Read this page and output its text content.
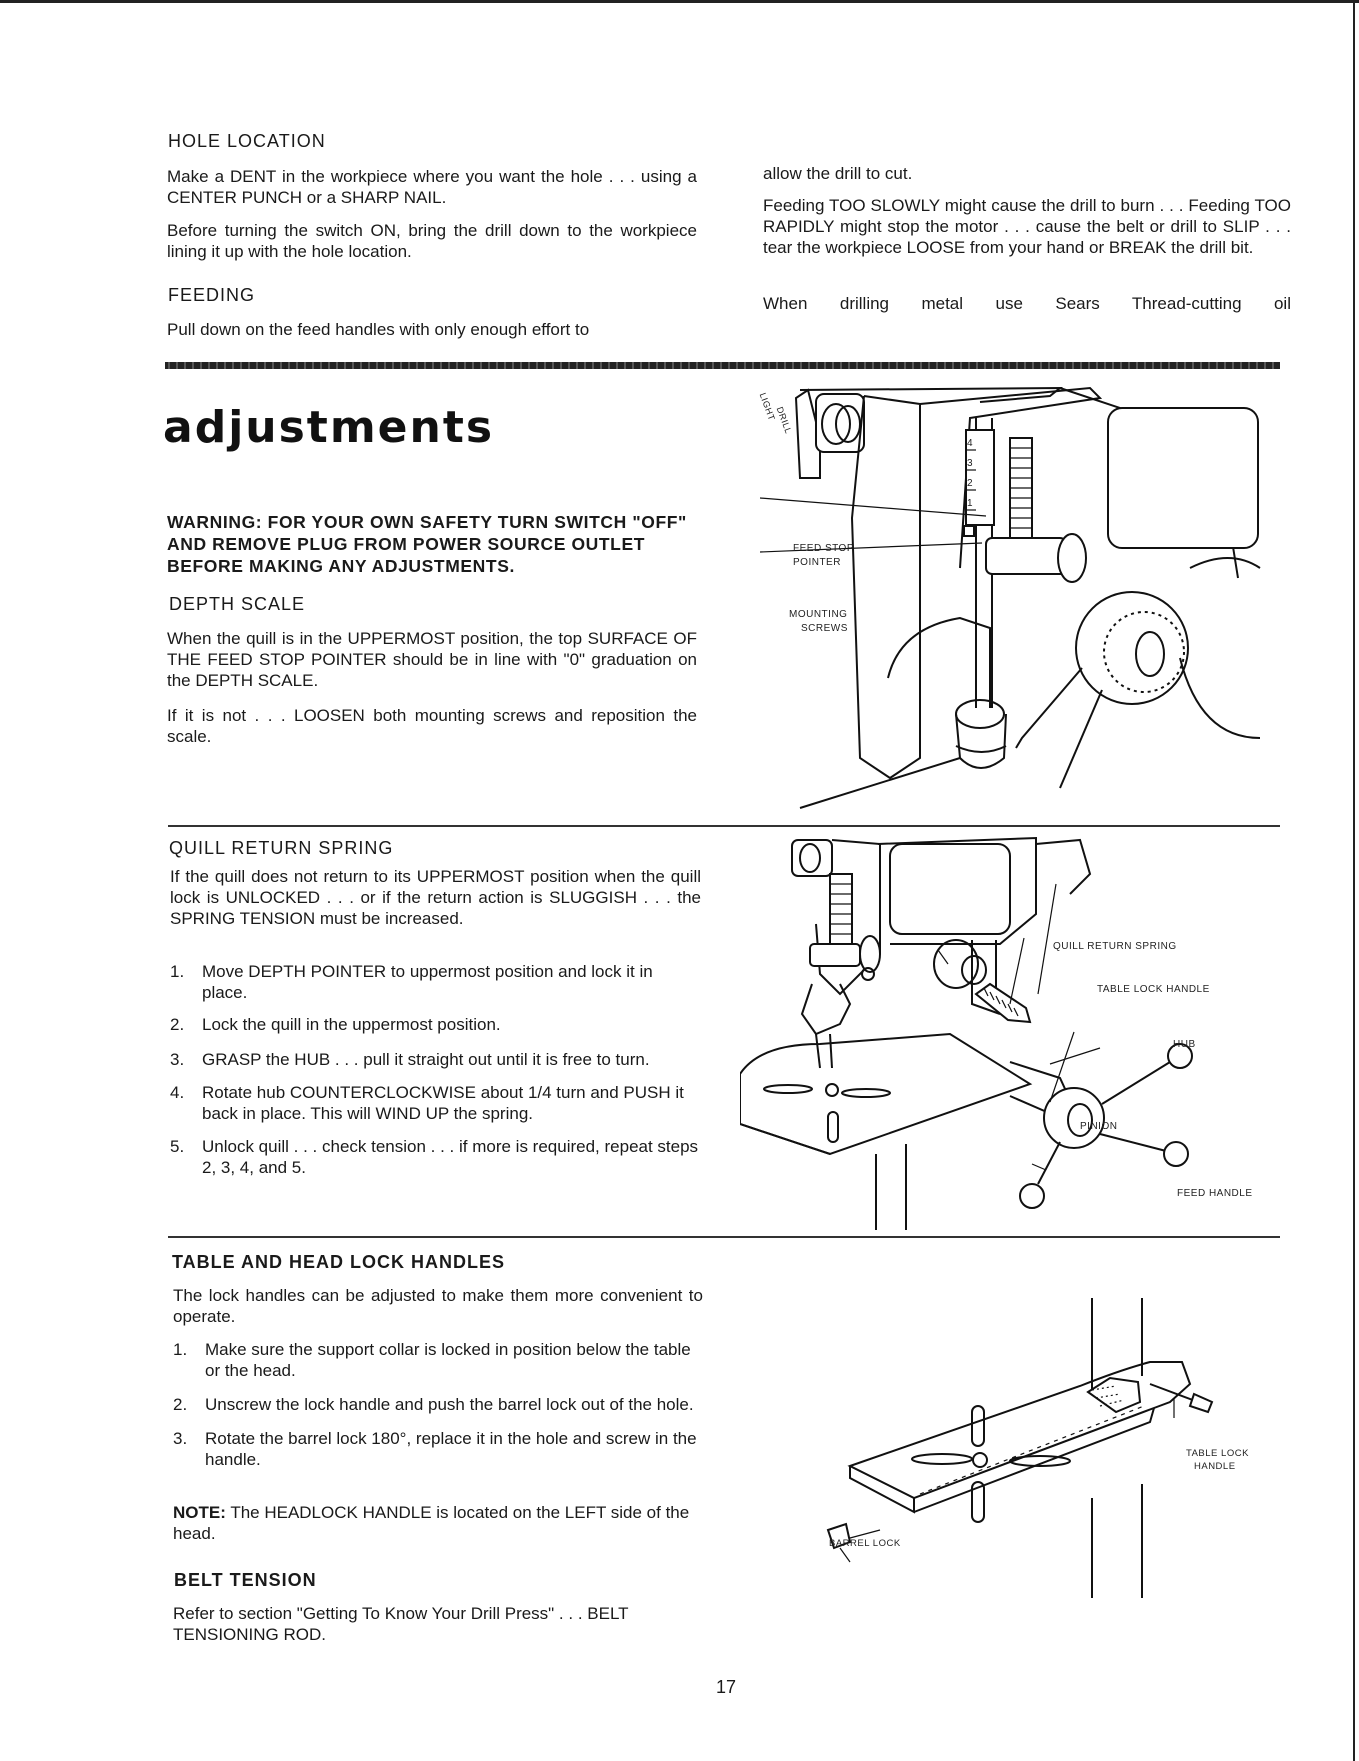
HOLE LOCATION

Make a DENT in the workpiece where you want the hole . . . using a CENTER PUNCH or a SHARP NAIL.

Before turning the switch ON, bring the drill down to the workpiece lining it up with the hole location.

FEEDING

Pull down on the feed handles with only enough effort to

allow the drill to cut.

Feeding TOO SLOWLY might cause the drill to burn . . . Feeding TOO RAPIDLY might stop the motor . . . cause the belt or drill to SLIP . . . tear the workpiece LOOSE from your hand or BREAK the drill bit.

When drilling metal use Sears Thread-cutting oil

adjustments

WARNING: FOR YOUR OWN SAFETY TURN SWITCH "OFF" AND REMOVE PLUG FROM POWER SOURCE OUTLET BEFORE MAKING ANY ADJUSTMENTS.

DEPTH SCALE

When the quill is in the UPPERMOST position, the top SURFACE OF THE FEED STOP POINTER should be in line with "0" graduation on the DEPTH SCALE.

If it is not . . . LOOSEN both mounting screws and reposition the scale.

LIGHT
DRILL
4
3
2
1
FEED STOP
POINTER
MOUNTING
SCREWS
QUILL RETURN SPRING

If the quill does not return to its UPPERMOST position when the quill lock is UNLOCKED . . . or if the return action is SLUGGISH . . . the SPRING TENSION must be increased.

1. Move DEPTH POINTER to uppermost position and lock it in place.
2. Lock the quill in the uppermost position.
3. GRASP the HUB . . . pull it straight out until it is free to turn.
4. Rotate hub COUNTERCLOCKWISE about 1/4 turn and PUSH it back in place. This will WIND UP the spring.
5. Unlock quill . . . check tension . . . if more is required, repeat steps 2, 3, 4, and 5.
QUILL RETURN SPRING
TABLE LOCK HANDLE
HUB
PINION
FEED HANDLE
TABLE AND HEAD LOCK HANDLES

The lock handles can be adjusted to make them more convenient to operate.

1. Make sure the support collar is locked in position below the table or the head.
2. Unscrew the lock handle and push the barrel lock out of the hole.
3. Rotate the barrel lock 180°, replace it in the hole and screw in the handle.

NOTE: The HEADLOCK HANDLE is located on the LEFT side of the head.

BELT TENSION

Refer to section "Getting To Know Your Drill Press" . . . BELT TENSIONING ROD.

TABLE LOCK
HANDLE
BARREL LOCK
17
